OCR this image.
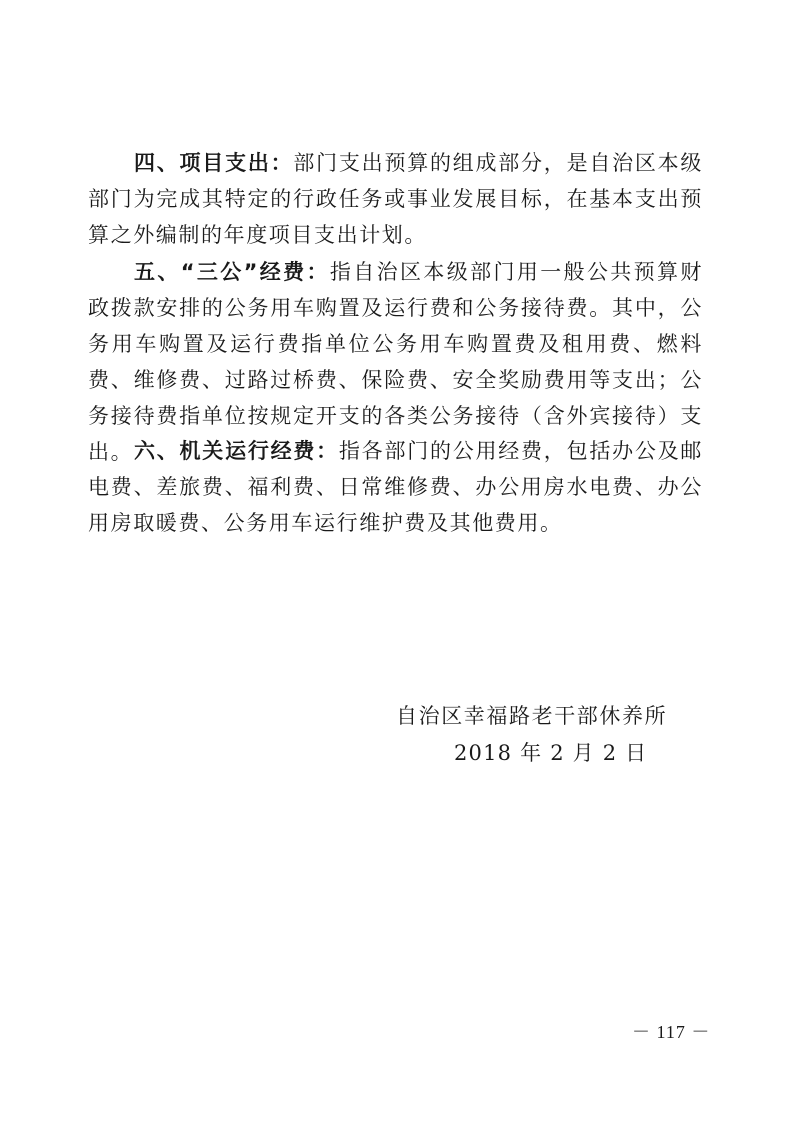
四、项目支出：部门支出预算的组成部分，是自治区本级部门为完成其特定的行政任务或事业发展目标，在基本支出预算之外编制的年度项目支出计划。

五、“三公”经费：指自治区本级部门用一般公共预算财政拨款安排的公务用车购置及运行费和公务接待费。其中，公务用车购置及运行费指单位公务用车购置费及租用费、燃料费、维修费、过路过桥费、保险费、安全奖励费用等支出；公务接待费指单位按规定开支的各类公务接待（含外宾接待）支出。 六、机关运行经费：指各部门的公用经费，包括办公及邮电费、差旅费、福利费、日常维修费、办公用房水电费、办公用房取暖费、公务用车运行维护费及其他费用。

自治区幸福路老干部休养所
2018 年 2 月 2 日
－ 117 －
